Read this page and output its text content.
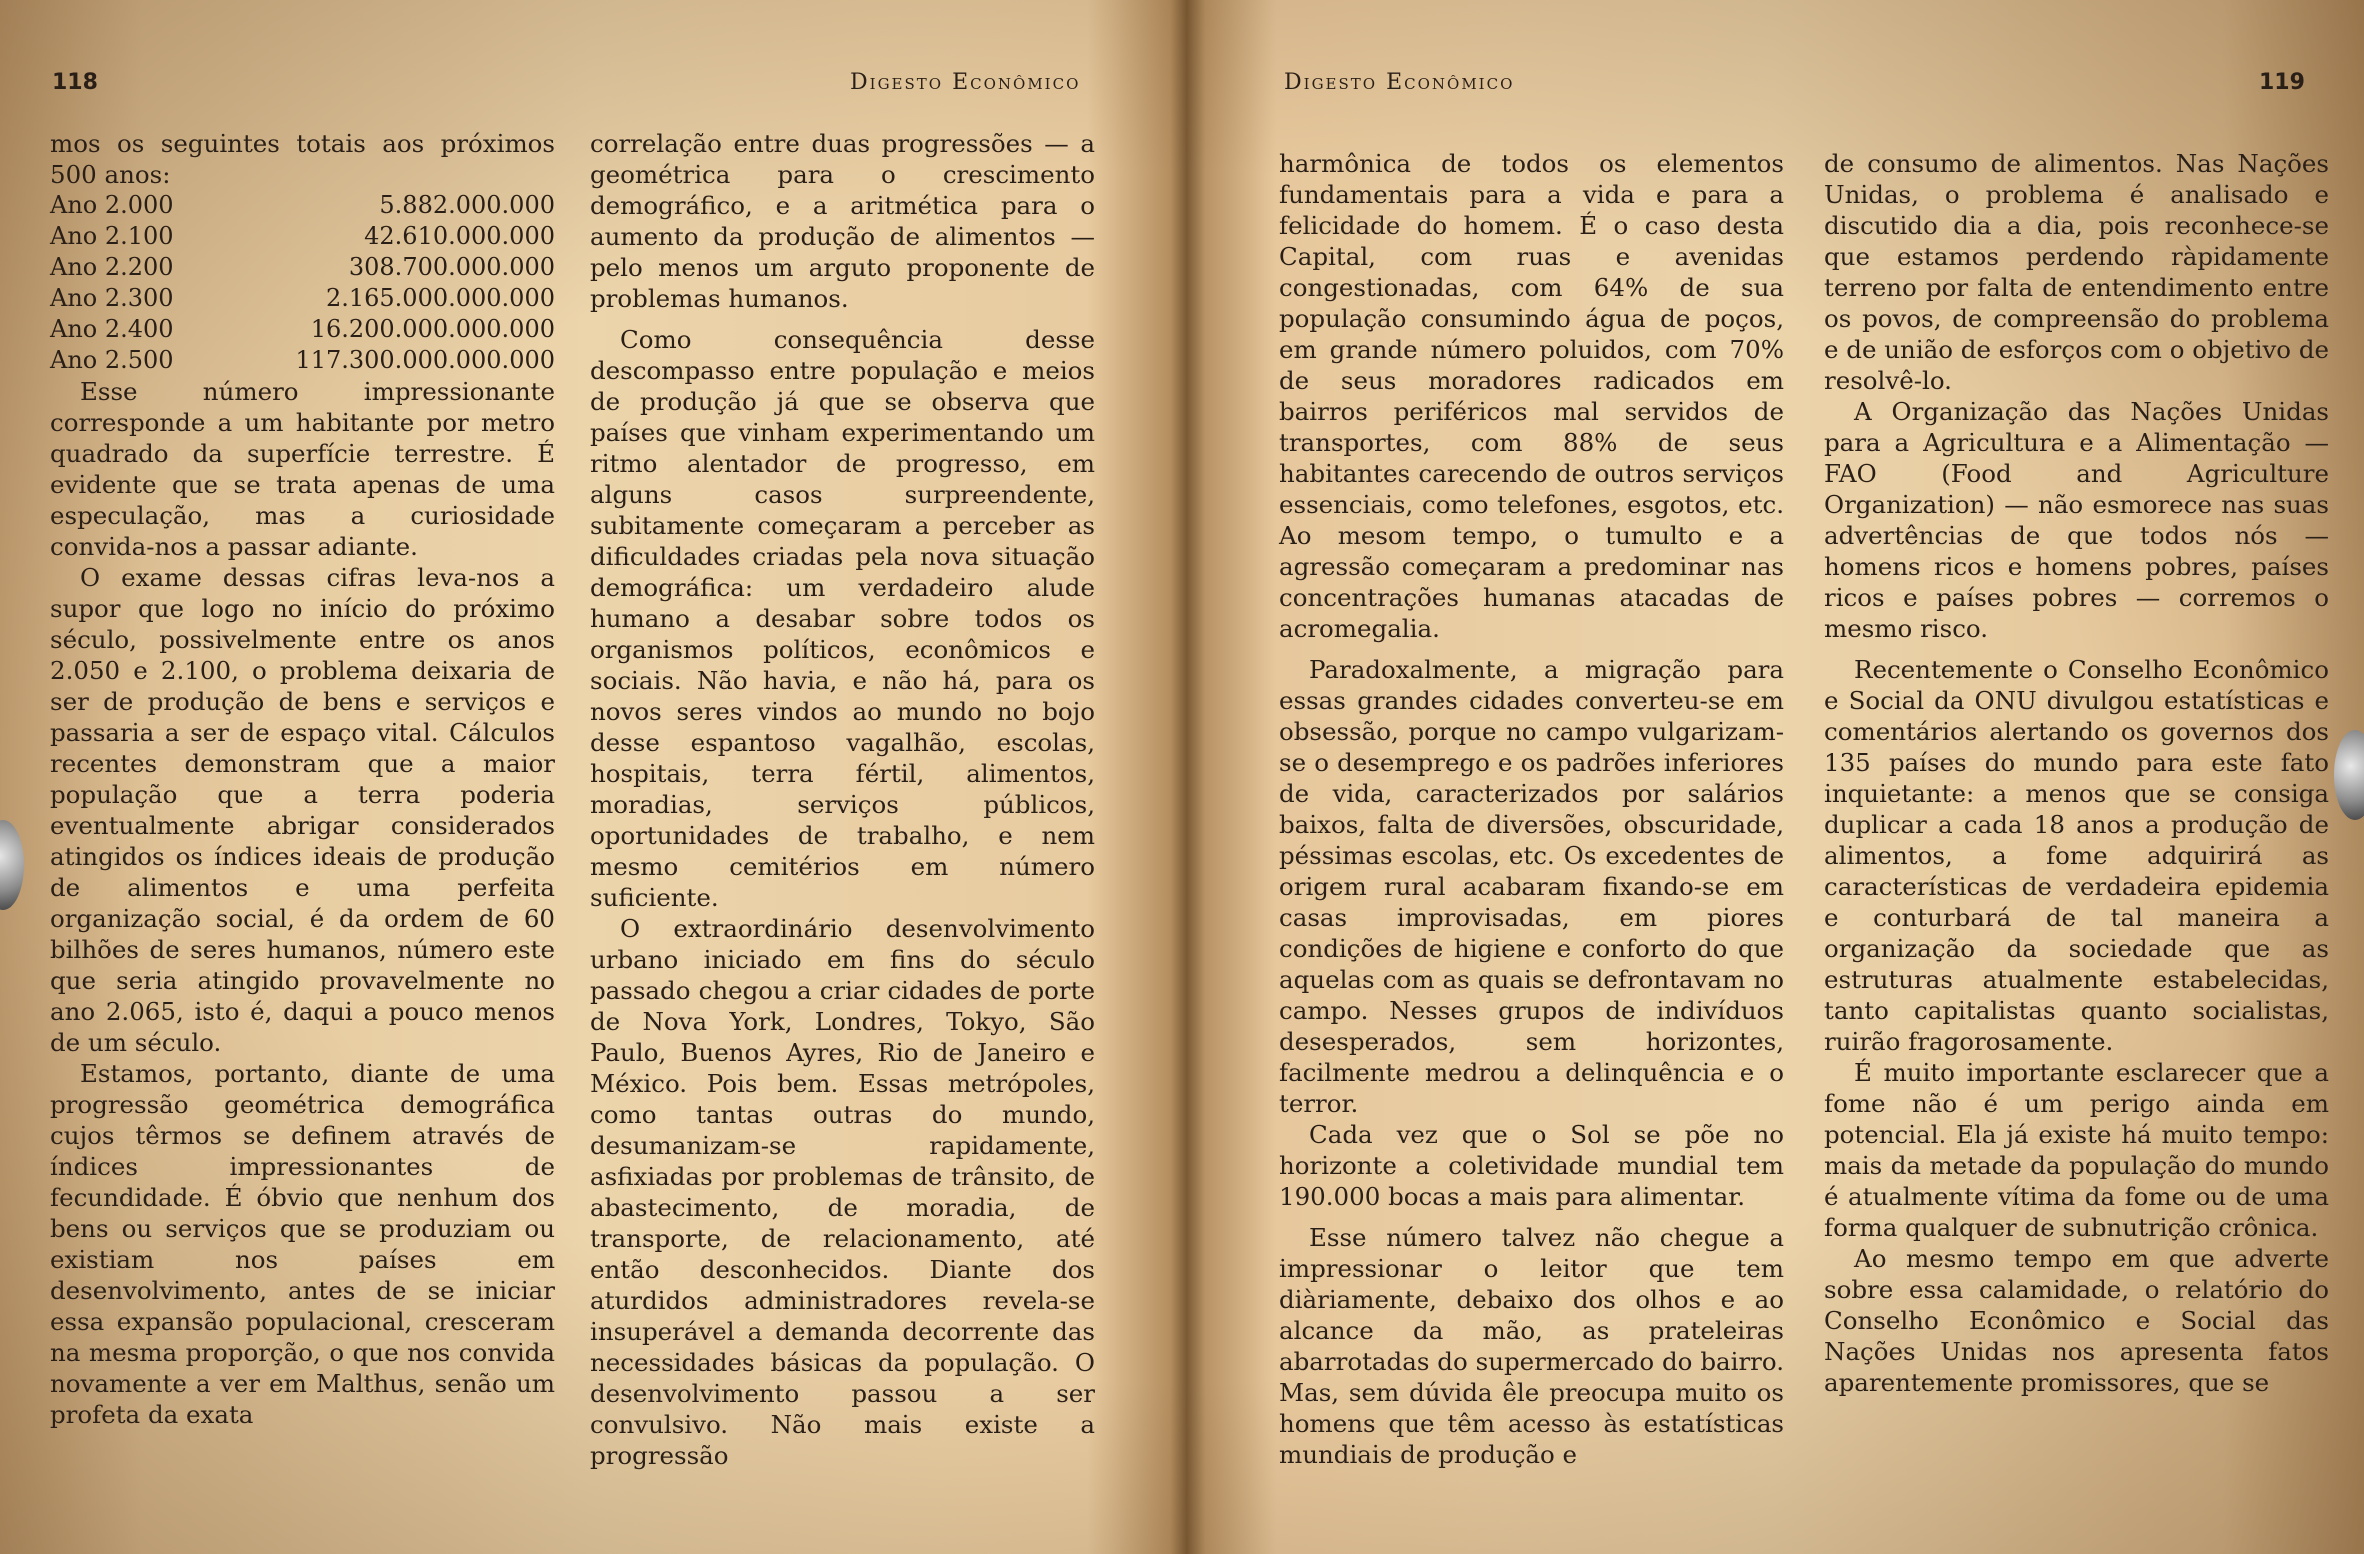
118	Digesto Econômico

mos os seguintes totais aos próximos 500 anos:

Ano 2.000	5.882.000.000
Ano 2.100	42.610.000.000
Ano 2.200	308.700.000.000
Ano 2.300	2.165.000.000.000
Ano 2.400	16.200.000.000.000
Ano 2.500	117.300.000.000.000

Esse número impressionante corresponde a um habitante por metro quadrado da superfície terrestre. É evidente que se trata apenas de uma especulação, mas a curiosidade convida-nos a passar adiante.

O exame dessas cifras leva-nos a supor que logo no início do próximo século, possivelmente entre os anos 2.050 e 2.100, o problema deixaria de ser de produção de bens e serviços e passaria a ser de espaço vital. Cálculos recentes demonstram que a maior população que a terra poderia eventualmente abrigar considerados atingidos os índices ideais de produção de alimentos e uma perfeita organização social, é da ordem de 60 bilhões de seres humanos, número este que seria atingido provavelmente no ano 2.065, isto é, daqui a pouco menos de um século.

Estamos, portanto, diante de uma progressão geométrica demográfica cujos têrmos se definem através de índices impressionantes de fecundidade. É óbvio que nenhum dos bens ou serviços que se produziam ou existiam nos países em desenvolvimento, antes de se iniciar essa expansão populacional, cresceram na mesma proporção, o que nos convida novamente a ver em Malthus, senão um profeta da exata

correlação entre duas progressões — a geométrica para o crescimento demográfico, e a aritmética para o aumento da produção de alimentos — pelo menos um arguto proponente de problemas humanos.

Como consequência desse descompasso entre população e meios de produção já que se observa que países que vinham experimentando um ritmo alentador de progresso, em alguns casos surpreendente, subitamente começaram a perceber as dificuldades criadas pela nova situação demográfica: um verdadeiro alude humano a desabar sobre todos os organismos políticos, econômicos e sociais. Não havia, e não há, para os novos seres vindos ao mundo no bojo desse espantoso vagalhão, escolas, hospitais, terra fértil, alimentos, moradias, serviços públicos, oportunidades de trabalho, e nem mesmo cemitérios em número suficiente.

O extraordinário desenvolvimento urbano iniciado em fins do século passado chegou a criar cidades de porte de Nova York, Londres, Tokyo, São Paulo, Buenos Ayres, Rio de Janeiro e México. Pois bem. Essas metrópoles, como tantas outras do mundo, desumanizam-se rapidamente, asfixiadas por problemas de trânsito, de abastecimento, de moradia, de transporte, de relacionamento, até então desconhecidos. Diante dos aturdidos administradores revela-se insuperável a demanda decorrente das necessidades básicas da população. O desenvolvimento passou a ser convulsivo. Não mais existe a progressão

Digesto Econômico	119

harmônica de todos os elementos fundamentais para a vida e para a felicidade do homem. É o caso desta Capital, com ruas e avenidas congestionadas, com 64% de sua população consumindo água de poços, em grande número poluidos, com 70% de seus moradores radicados em bairros periféricos mal servidos de transportes, com 88% de seus habitantes carecendo de outros serviços essenciais, como telefones, esgotos, etc. Ao mesom tempo, o tumulto e a agressão começaram a predominar nas concentrações humanas atacadas de acromegalia.

Paradoxalmente, a migração para essas grandes cidades converteu-se em obsessão, porque no campo vulgarizam-se o desemprego e os padrões inferiores de vida, caracterizados por salários baixos, falta de diversões, obscuridade, péssimas escolas, etc. Os excedentes de origem rural acabaram fixando-se em casas improvisadas, em piores condições de higiene e conforto do que aquelas com as quais se defrontavam no campo. Nesses grupos de indivíduos desesperados, sem horizontes, facilmente medrou a delinquência e o terror.

Cada vez que o Sol se põe no horizonte a coletividade mundial tem 190.000 bocas a mais para alimentar.

Esse número talvez não chegue a impressionar o leitor que tem diàriamente, debaixo dos olhos e ao alcance da mão, as prateleiras abarrotadas do supermercado do bairro. Mas, sem dúvida êle preocupa muito os homens que têm acesso às estatísticas mundiais de produção e

de consumo de alimentos. Nas Nações Unidas, o problema é analisado e discutido dia a dia, pois reconhece-se que estamos perdendo ràpidamente terreno por falta de entendimento entre os povos, de compreensão do problema e de união de esforços com o objetivo de resolvê-lo.

A Organização das Nações Unidas para a Agricultura e a Alimentação — FAO (Food and Agriculture Organization) — não esmorece nas suas advertências de que todos nós — homens ricos e homens pobres, países ricos e países pobres — corremos o mesmo risco.

Recentemente o Conselho Econômico e Social da ONU divulgou estatísticas e comentários alertando os governos dos 135 países do mundo para este fato inquietante: a menos que se consiga duplicar a cada 18 anos a produção de alimentos, a fome adquirirá as características de verdadeira epidemia e conturbará de tal maneira a organização da sociedade que as estruturas atualmente estabelecidas, tanto capitalistas quanto socialistas, ruirão fragorosamente.

É muito importante esclarecer que a fome não é um perigo ainda em potencial. Ela já existe há muito tempo: mais da metade da população do mundo é atualmente vítima da fome ou de uma forma qualquer de subnutrição crônica.

Ao mesmo tempo em que adverte sobre essa calamidade, o relatório do Conselho Econômico e Social das Nações Unidas nos apresenta fatos aparentemente promissores, que se
